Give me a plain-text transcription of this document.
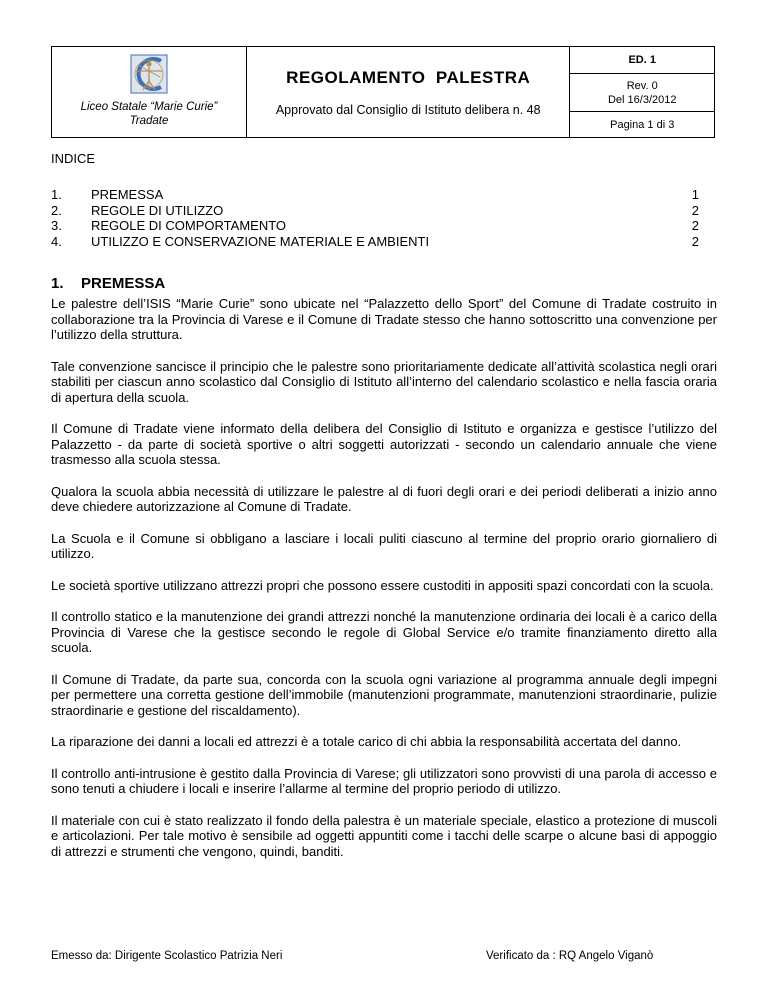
Liceo Statale “Marie Curie”
Tradate

REGOLAMENTO  PALESTRA
Approvato dal Consiglio di Istituto delibera n. 48

ED. 1
Rev. 0
Del 16/3/2012
Pagina 1 di 3
INDICE
1.	PREMESSA	1
2.	REGOLE DI UTILIZZO	2
3.	REGOLE DI COMPORTAMENTO	2
4.	UTILIZZO E CONSERVAZIONE MATERIALE E AMBIENTI	2
1. PREMESSA

Le palestre dell’ISIS “Marie Curie” sono ubicate nel “Palazzetto dello Sport” del Comune di Tradate costruito in collaborazione tra la Provincia di Varese e il Comune di Tradate stesso che hanno sottoscritto una convenzione per l’utilizzo della struttura.

Tale convenzione sancisce il principio che le palestre sono prioritariamente dedicate all’attività scolastica negli orari stabiliti per ciascun anno scolastico dal Consiglio di Istituto all’interno del calendario scolastico e nella fascia oraria di apertura della scuola.

Il Comune di Tradate viene informato della delibera del Consiglio di Istituto e organizza e gestisce l’utilizzo del Palazzetto - da parte di società sportive o altri soggetti autorizzati - secondo un calendario annuale che viene trasmesso alla scuola stessa.

Qualora la scuola abbia necessità di utilizzare le palestre al di fuori degli orari e dei periodi deliberati a inizio anno deve chiedere autorizzazione al Comune di Tradate.

La Scuola e il Comune si obbligano a lasciare i locali puliti ciascuno al termine del proprio orario giornaliero di utilizzo.

Le società sportive utilizzano attrezzi propri che possono essere custoditi in appositi spazi concordati con la scuola.

Il controllo statico e la manutenzione dei grandi attrezzi nonché la manutenzione ordinaria dei locali è a carico della Provincia di Varese che la gestisce secondo le regole di Global Service e/o tramite finanziamento diretto alla scuola.

Il Comune di Tradate, da parte sua, concorda con la scuola ogni variazione al programma annuale degli impegni per permettere una corretta gestione dell’immobile (manutenzioni programmate, manutenzioni straordinarie, pulizie straordinarie e gestione del riscaldamento).

La riparazione dei danni a locali ed attrezzi è a totale carico di chi abbia la responsabilità accertata del danno.

Il controllo anti-intrusione è gestito dalla Provincia di Varese; gli utilizzatori sono provvisti di una parola di accesso e sono tenuti a chiudere i locali e inserire l’allarme al termine del proprio periodo di utilizzo.

Il materiale con cui è stato realizzato il fondo della palestra è un materiale speciale, elastico a protezione di muscoli e articolazioni. Per tale motivo è sensibile ad oggetti appuntiti come i tacchi delle scarpe o alcune basi di appoggio di attrezzi e strumenti che vengono, quindi, banditi.

Emesso da: Dirigente Scolastico Patrizia Neri	Verificato da : RQ Angelo Viganò
